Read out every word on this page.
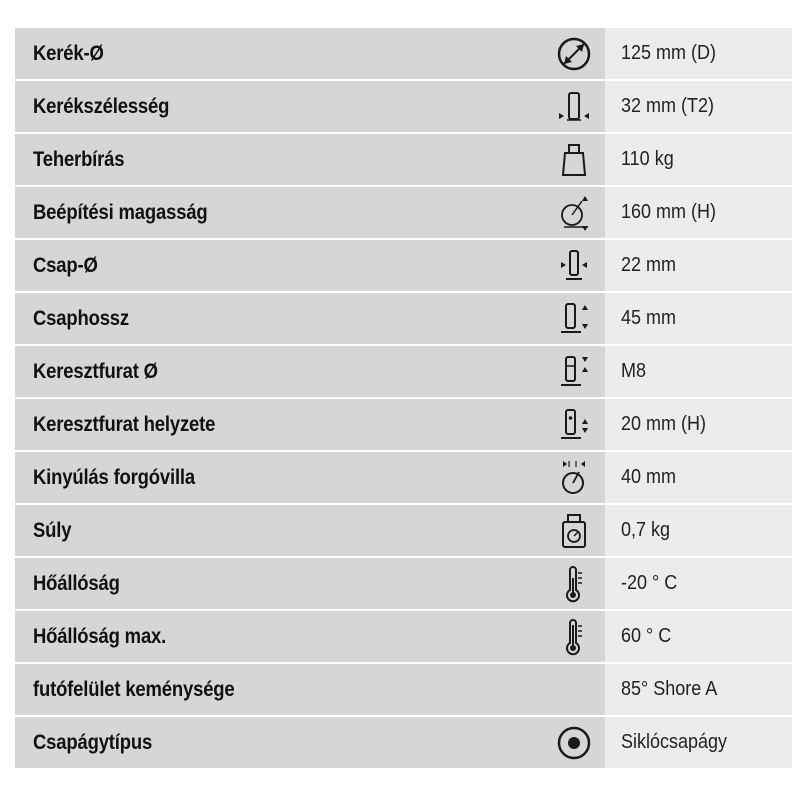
Kerék-Ø		125 mm (D)
Kerékszélesség		32 mm (T2)
Teherbírás		110 kg
Beépítési magasság		160 mm (H)
Csap-Ø		22 mm
Csaphossz		45 mm
Keresztfurat Ø		M8
Keresztfurat helyzete		20 mm (H)
Kinyúlás forgóvilla		40 mm
Súly		0,7 kg
Hőállóság		-20 ° C
Hőállóság max.		60 ° C
futófelület keménysége		85° Shore A
Csapágytípus		Siklócsapágy
